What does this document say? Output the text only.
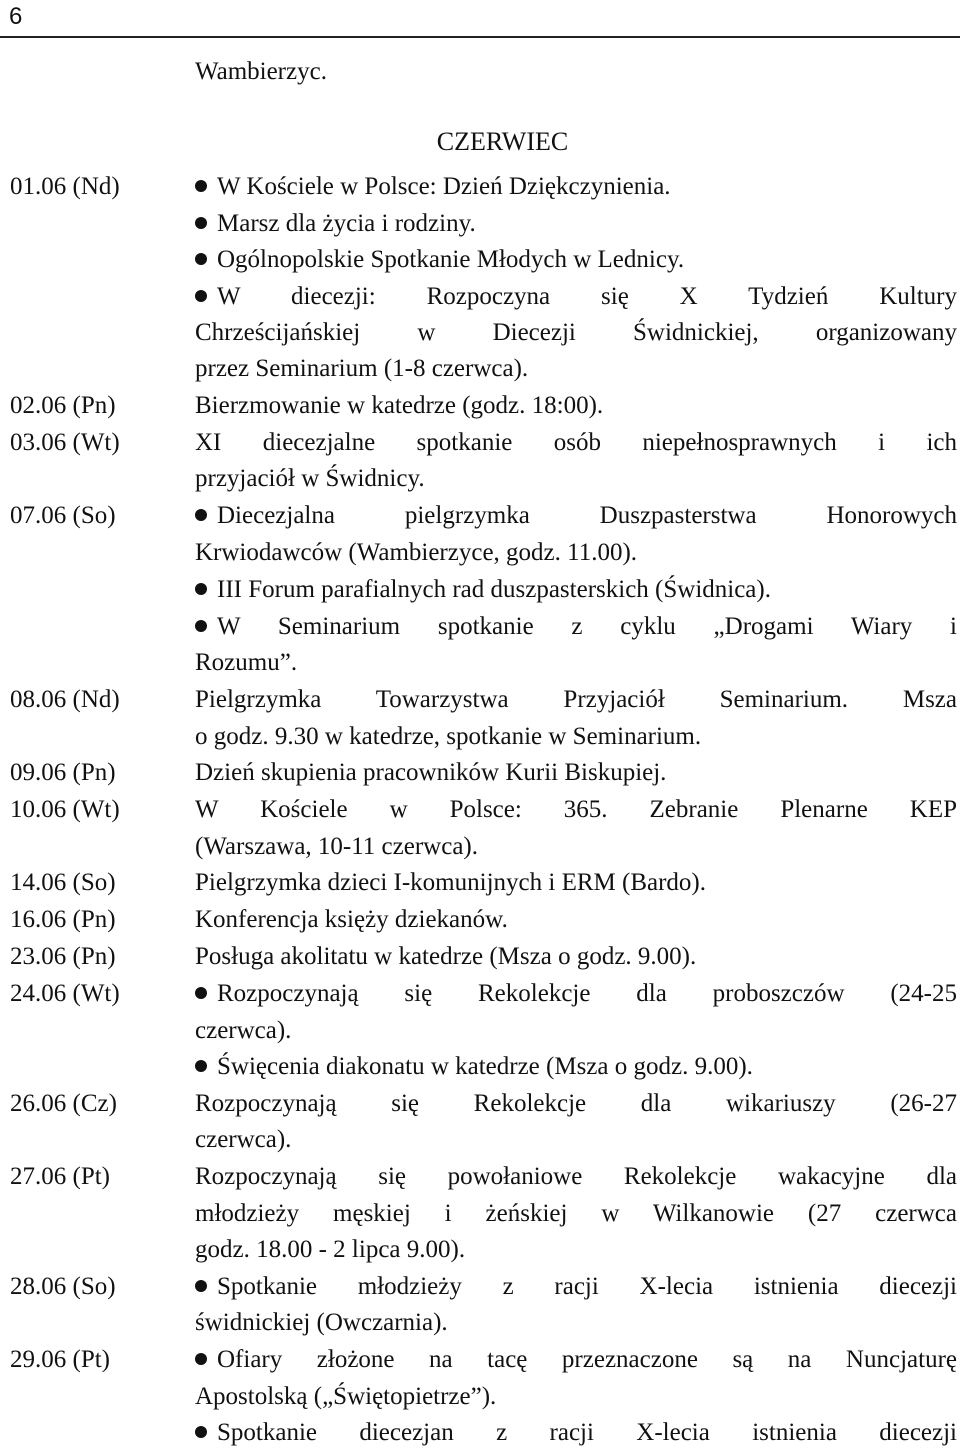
6
Wambierzyc.
CZERWIEC
01.06 (Nd)	W Kościele w Polsce: Dzień Dziękczynienia.
Marsz dla życia i rodziny.
Ogólnopolskie Spotkanie Młodych w Lednicy.
W diecezji: Rozpoczyna się X Tydzień Kultury
Chrześcijańskiej w Diecezji Świdnickiej, organizowany
przez Seminarium (1-8 czerwca).
02.06 (Pn)	Bierzmowanie w katedrze (godz. 18:00).
03.06 (Wt)	XI diecezjalne spotkanie osób niepełnosprawnych i ich
przyjaciół w Świdnicy.
07.06 (So)	Diecezjalna pielgrzymka Duszpasterstwa Honorowych
Krwiodawców (Wambierzyce, godz. 11.00).
III Forum parafialnych rad duszpasterskich (Świdnica).
W Seminarium spotkanie z cyklu „Drogami Wiary i
Rozumu”.
08.06 (Nd)	Pielgrzymka Towarzystwa Przyjaciół Seminarium. Msza
o godz. 9.30 w katedrze, spotkanie w Seminarium.
09.06 (Pn)	Dzień skupienia pracowników Kurii Biskupiej.
10.06 (Wt)	W Kościele w Polsce: 365. Zebranie Plenarne KEP
(Warszawa, 10-11 czerwca).
14.06 (So)	Pielgrzymka dzieci I-komunijnych i ERM (Bardo).
16.06 (Pn)	Konferencja księży dziekanów.
23.06 (Pn)	Posługa akolitatu w katedrze (Msza o godz. 9.00).
24.06 (Wt)	Rozpoczynają się Rekolekcje dla proboszczów (24-25
czerwca).
Święcenia diakonatu w katedrze (Msza o godz. 9.00).
26.06 (Cz)	Rozpoczynają się Rekolekcje dla wikariuszy (26-27
czerwca).
27.06 (Pt)	Rozpoczynają się powołaniowe Rekolekcje wakacyjne dla
młodzieży męskiej i żeńskiej w Wilkanowie (27 czerwca
godz. 18.00 - 2 lipca 9.00).
28.06 (So)	Spotkanie młodzieży z racji X-lecia istnienia diecezji
świdnickiej (Owczarnia).
29.06 (Pt)	Ofiary złożone na tacę przeznaczone są na Nuncjaturę
Apostolską („Świętopietrze”).
Spotkanie diecezjan z racji X-lecia istnienia diecezji
